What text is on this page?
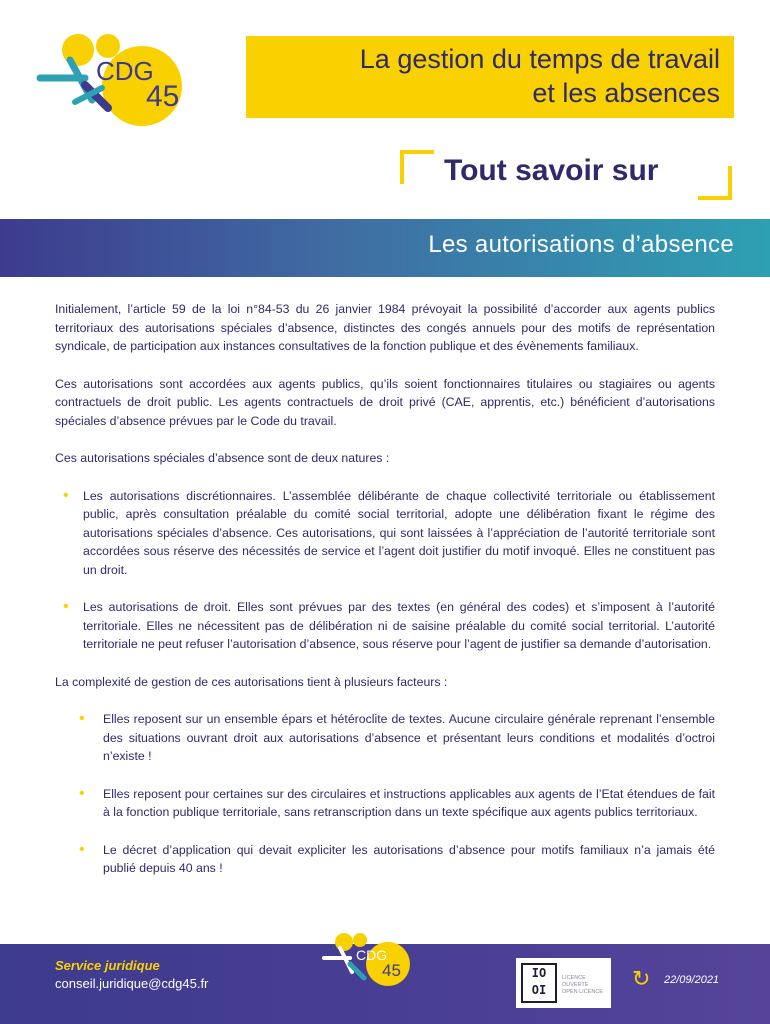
CDG
45
La gestion du temps de travail
et les absences
Tout savoir sur
Les autorisations d’absence

Initialement, l’article 59 de la loi n°84-53 du 26 janvier 1984 prévoyait la possibilité d’accorder aux agents publics territoriaux des autorisations spéciales d’absence, distinctes des congés annuels pour des motifs de représentation syndicale, de participation aux instances consultatives de la fonction publique et des évènements familiaux.

Ces autorisations sont accordées aux agents publics, qu’ils soient fonctionnaires titulaires ou stagiaires ou agents contractuels de droit public. Les agents contractuels de droit privé (CAE, apprentis, etc.) bénéficient d’autorisations spéciales d’absence prévues par le Code du travail.

Ces autorisations spéciales d’absence sont de deux natures :

• Les autorisations discrétionnaires. L’assemblée délibérante de chaque collectivité territoriale ou établissement public, après consultation préalable du comité social territorial, adopte une délibération fixant le régime des autorisations spéciales d’absence. Ces autorisations, qui sont laissées à l’appréciation de l’autorité territoriale sont accordées sous réserve des nécessités de service et l’agent doit justifier du motif invoqué. Elles ne constituent pas un droit.
• Les autorisations de droit. Elles sont prévues par des textes (en général des codes) et s’imposent à l’autorité territoriale. Elles ne nécessitent pas de délibération ni de saisine préalable du comité social territorial. L’autorité territoriale ne peut refuser l’autorisation d’absence, sous réserve pour l’agent de justifier sa demande d’autorisation.

La complexité de gestion de ces autorisations tient à plusieurs facteurs :

• Elles reposent sur un ensemble épars et hétéroclite de textes. Aucune circulaire générale reprenant l’ensemble des situations ouvrant droit aux autorisations d’absence et présentant leurs conditions et modalités d’octroi n’existe !
• Elles reposent pour certaines sur des circulaires et instructions applicables aux agents de l’Etat étendues de fait à la fonction publique territoriale, sans retranscription dans un texte spécifique aux agents publics territoriaux.
• Le décret d’application qui devait expliciter les autorisations d’absence pour motifs familiaux n’a jamais été publié depuis 40 ans !
Service juridique
conseil.juridique@cdg45.fr
CDG
45	IO
OI
LICENCE OUVERTE
OPEN LICENCE
↻ 22/09/2021
